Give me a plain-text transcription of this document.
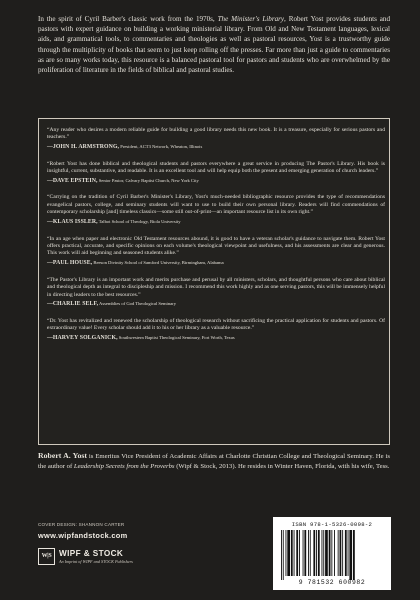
In the spirit of Cyril Barber's classic work from the 1970s, The Minister's Library, Robert Yost provides students and pastors with expert guidance on building a working ministerial library. From Old and New Testament languages, lexical aids, and grammatical tools, to commentaries and theologies as well as pastoral resources, Yost is a trustworthy guide through the multiplicity of books that seem to just keep rolling off the presses. Far more than just a guide to commentaries as are so many works today, this resource is a balanced pastoral tool for pastors and students who are overwhelmed by the proliferation of literature in the fields of biblical and pastoral studies.
“Any reader who desires a modern reliable guide for building a good library needs this new book. It is a treasure, especially for serious pastors and teachers.”
—JOHN H. ARMSTRONG, President, ACT3 Network, Wheaton, Illinois
“Robert Yost has done biblical and theological students and pastors everywhere a great service in producing The Pastor's Library. His book is insightful, current, substantive, and readable. It is an excellent tool and will help equip both the present and emerging generation of church leaders.”
—DAVE EPSTEIN, Senior Pastor, Calvary Baptist Church, New York City
“Carrying on the tradition of Cyril Barber's Minister's Library, Yost's much-needed bibliographic resource provides the type of recommendations evangelical pastors, college, and seminary students will want to use to build their own personal library. Readers will find commendations of contemporary scholarship [and] timeless classics—some still out-of-print—an important resource list in its own right.”
—KLAUS ISSLER, Talbot School of Theology, Biola University
“In an age when paper and electronic Old Testament resources abound, it is good to have a veteran scholar's guidance to navigate them. Robert Yost offers practical, accurate, and specific opinions on each volume's theological viewpoint and usefulness, and his assessments are clear and generous. This work will aid beginning and seasoned students alike.”
—PAUL HOUSE, Beeson Divinity School of Samford University, Birmingham, Alabama
“The Pastor's Library is an important work and merits purchase and perusal by all ministers, scholars, and thoughtful persons who care about biblical and theological depth as integral to discipleship and mission. I recommend this work highly and as one serving pastors, this will be immensely helpful in directing leaders to the best resources.”
—CHARLIE SELF, Assemblies of God Theological Seminary
“Dr. Yost has revitalized and renewed the scholarship of theological research without sacrificing the practical application for students and pastors. Of extraordinary value! Every scholar should add it to his or her library as a valuable resource.”
—HARVEY SOLGANICK, Southwestern Baptist Theological Seminary, Fort Worth, Texas
Robert A. Yost is Emeritus Vice President of Academic Affairs at Charlotte Christian College and Theological Seminary. He is the author of Leadership Secrets from the Proverbs (Wipf & Stock, 2013). He resides in Winter Haven, Florida, with his wife, Tess.
COVER DESIGN: SHANNON CARTER
www.wipfandstock.com
W|S WIPF & STOCK
An Imprint of WIPF and STOCK Publishers
ISBN 978-1-5326-0098-2
9 781532 600982
